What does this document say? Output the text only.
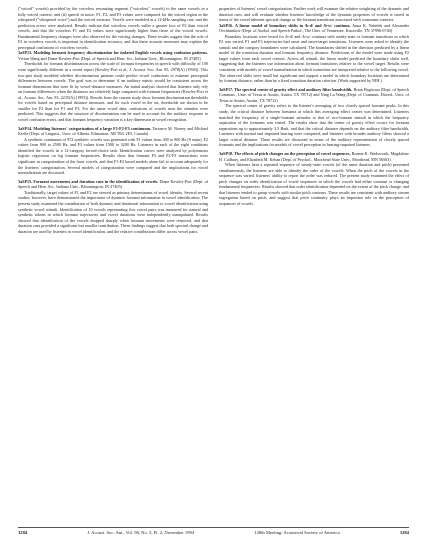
("voiced" vowels) provided by the voiceless resonating segment ("voiceless" vowels) to the same vowels in a fully voiced context; and (ii) speech in noise: F1, F2, and F3 values were compared for the voiced region in the whispered ("whispered voice") and the voiced versions. Vowels were modeled at a 12-kHz sampling rate, and the prediction errors were analyzed. Results indicate that voiceless vowels suffer a greater loss of F2 than voiced vowels, and that the voiceless F1 and F2 values were significantly higher than those of the voiced vowels. Fundamental frequency changes were also observed for the voicing changes. These results suggest that the role of F2 in voiceless vowels is important in identification accuracy, and that these acoustic measures may explain the perceptual confusions of voiceless vowels.

3aSP13. Modeling formant frequency discrimination for isolated English vowels using confusion patterns. Vivian Wang and Diane Kewley-Port (Dept. of Speech and Hear. Sci., Indiana Univ., Bloomington, IN 47405)

Thresholds for formant discrimination across the scale of formant frequencies in speech with difficulty of 100 were significantly different in a recent report [Kewley-Port et al., J. Acoust. Soc. Am. 95, 2978(A) (1994)]. This two-part study modeled whether discrimination patterns could predict vowel confusions to estimate perceptual differences between vowels. The goal was to determine if an auditory metric would be consistent across the formant dimensions that were fit by vowel-distance measures. An initial analysis showed that listeners only rely on formant differences when the distances are relatively large compared with formant frequencies (Kewley-Port et al., Acoust. Soc. Am. 93, 2235(A) (1993)). Results from the current study show formant discrimination thresholds for vowels based on perceptual distance measures, and for each vowel in the set, thresholds are shown to be smaller for F2 than for F1 and F3. For the same vowel data, confusions of vowels near the stimulus were predicted. This suggests that the structure of discrimination can be used to account for the auditory response to vowel confusion errors, and that formant frequency variation is a key dimension in vowel recognition.

3aSP14. Modeling listeners' categorization of a large F1-F2-F3 continuum. Terrance M. Nearey and Michael Kiefte (Dept. of Linguist., Univ. of Alberta, Edmonton, AB T6G 2E5, Canada)

A synthetic continuum of 972 synthetic vowels was generated with F1 values from 300 to 900 Hz (9 steps), F2 values from 800 to 2500 Hz, and F3 values from 1500 to 3200 Hz. Listeners in each of the eight conditions identified the vowels in a 12-category forced-choice task. Identification curves were analyzed by polytomous logistic regression on log formant frequencies. Results show that formant F3 and F2-F3 interactions were significant in categorization of the front vowels, and that F1-F2 based models alone fail to account adequately for the listeners' categorization. Several models of categorization were compared and the implications for vowel normalization are discussed.

3aSP15. Formant movements and duration cues in the identification of vowels. Diane Kewley-Port (Dept. of Speech and Hear. Sci., Indiana Univ., Bloomington, IN 47405)

Traditionally, target values of F1 and F2 are viewed as primary determinants of vowel identity. Several recent studies, however, have demonstrated the importance of dynamic formant information in vowel identification. The present study examined the contribution of both dynamic and durational information to vowel identification using synthetic vowel stimuli. Identification of 10 vowels representing five vowel pairs was measured for natural and synthetic tokens in which formant trajectories and vowel durations were independently manipulated. Results showed that identification of the vowels dropped sharply when formant movements were removed, and that duration cues provided a significant but smaller contribution. These findings suggest that both spectral change and duration are used by listeners in vowel identification, and the relative contributions differ across vowel pairs.

properties of listeners' vowel categorization. Further work will examine the relative weighting of the dynamic and duration cues, and will evaluate whether listeners' knowledge of the dynamic properties of vowels is stored in terms of the vowel inherent spectral change or the formant transitions associated with consonant contexts.

3aSP16. A linear model of boundary shifts in /b-d/ and /b-w/ continua. Anna K. Nabelek and Alexander Ovchinnikov (Dept. of Audiol. and Speech Pathol., The Univ. of Tennessee, Knoxville, TN 37996-0740)

Boundary locations were tested for /b-d/ and /b-w/ continua with steady-state or formant transitions in which F2 was varied. F1 and F3 trajectories had onset and onset-target transitions. Listeners were asked to identify the stimuli and the category boundaries were calculated. The boundaries shifted in the direction predicted by a linear model of the transition duration and formant frequency distance. Predictions of the model were made using F2 target values from each vowel context. Across all stimuli, the linear model predicted the boundary shifts well, suggesting that the listeners use information about formant transitions relative to the vowel target. Results were consistent with models of vowel normalization in which transitions are interpreted relative to the following vowel. The observed shifts were small but significant and support a model in which boundary locations are determined by formant distance, rather than by a fixed transition duration criterion. (Work supported by NIH.)

3aSP17. The spectral center of gravity effect and auditory filter bandwidth. Brian Hagiwara (Dept. of Speech Commun., Univ. of Texas at Austin, Austin, TX 78712) and Ning Lu Wang (Dept. of Commun. Disord., Univ. of Texas at Austin, Austin, TX 78712)

The spectral center of gravity refers to the listener's averaging of two closely spaced formant peaks. In this study, the critical distance between formants at which this averaging effect ceases was determined. Listeners matched the frequency of a single-formant stimulus to that of two-formant stimuli in which the frequency separation of the formants was varied. The results show that the center of gravity effect occurs for formant separations up to approximately 3.5 Bark, and that the critical distance depends on the auditory filter bandwidth. Listeners with normal and impaired hearing were compared, and listeners with broader auditory filters showed a larger critical distance. These results are discussed in terms of the auditory representation of closely spaced formants and the implications for models of vowel perception in hearing-impaired listeners.

3aSP18. The effects of pitch changes on the perception of vowel sequences. Bonnie K. Wadsworth, Magdalene H. Cadbury, and Elizabeth M. Kehan (Dept. of Psychol., Moorhead State Univ., Moorhead, MN 56563)

When listeners hear a repeated sequence of steady-state vowels (of the same duration and pitch) presented simultaneously, the listeners are able to identify the order of the vowels. When the pitch of the vowels in the sequence was varied, listeners' ability to report the order was reduced. The present study examined the effect of pitch changes on order identification of vowel sequences in which the vowels had either constant or changing fundamental frequencies. Results showed that order identification depended on the extent of the pitch change, and that listeners tended to group vowels with similar pitch contours. These results are consistent with auditory stream segregation based on pitch, and suggest that pitch continuity plays an important role in the perception of sequences of vowels.

3284	J. Acoust. Soc. Am., Vol. 96, No. 5, Pt. 2, November 1994	128th Meeting: Acoustical Society of America	3284
